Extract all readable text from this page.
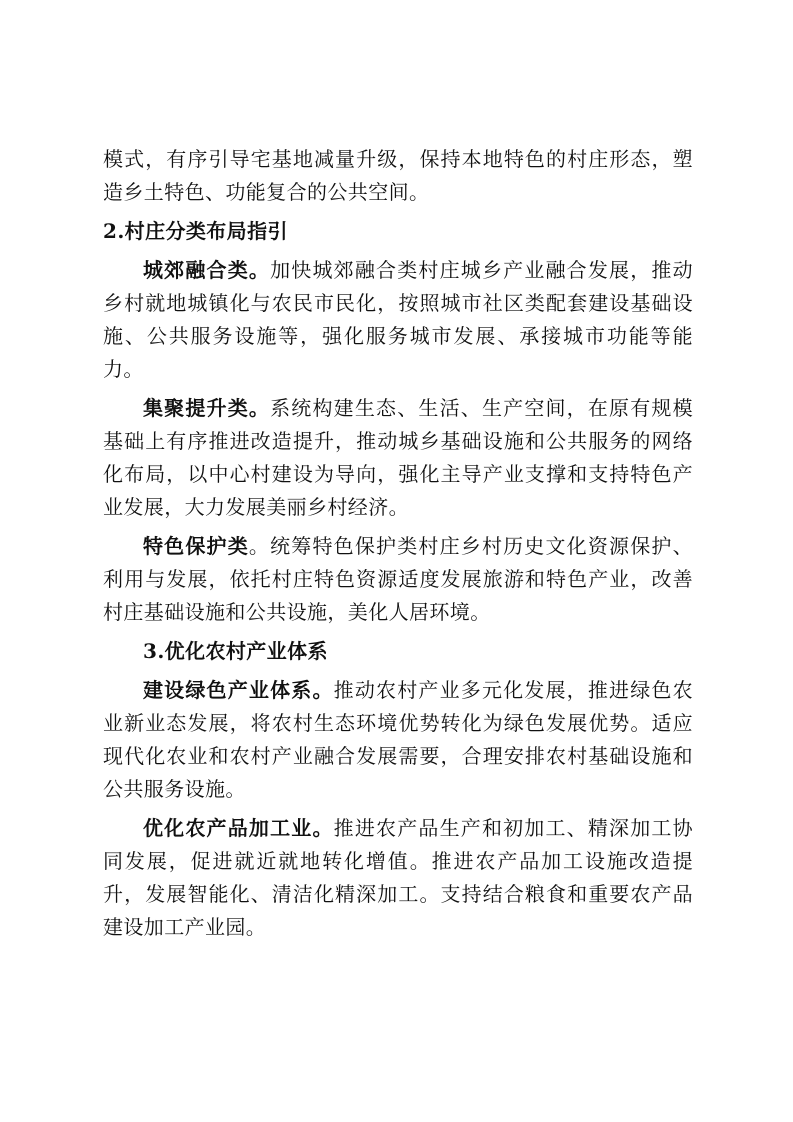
模式，有序引导宅基地减量升级，保持本地特色的村庄形态，塑造乡土特色、功能复合的公共空间。

2.村庄分类布局指引

城郊融合类。加快城郊融合类村庄城乡产业融合发展，推动乡村就地城镇化与农民市民化，按照城市社区类配套建设基础设施、公共服务设施等，强化服务城市发展、承接城市功能等能力。

集聚提升类。系统构建生态、生活、生产空间，在原有规模基础上有序推进改造提升，推动城乡基础设施和公共服务的网络化布局，以中心村建设为导向，强化主导产业支撑和支持特色产业发展，大力发展美丽乡村经济。

特色保护类。统筹特色保护类村庄乡村历史文化资源保护、利用与发展，依托村庄特色资源适度发展旅游和特色产业，改善村庄基础设施和公共设施，美化人居环境。

3.优化农村产业体系

建设绿色产业体系。推动农村产业多元化发展，推进绿色农业新业态发展，将农村生态环境优势转化为绿色发展优势。适应现代化农业和农村产业融合发展需要，合理安排农村基础设施和公共服务设施。

优化农产品加工业。推进农产品生产和初加工、精深加工协同发展，促进就近就地转化增值。推进农产品加工设施改造提升，发展智能化、清洁化精深加工。支持结合粮食和重要农产品建设加工产业园。
